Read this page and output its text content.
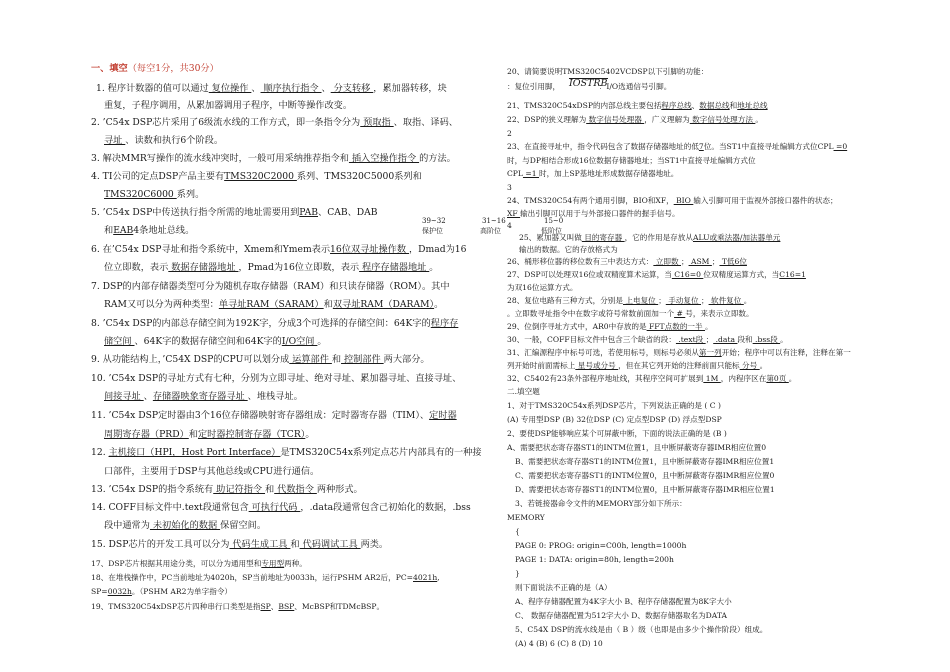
一、填空（每空1分，共30分）
1. 程序计数器的值可以通过 复位操作 、 顺序执行指令 、 分支转移 ，累加器转移，块
重复，子程序调用，从累加器调用子程序，中断等操作改变。
2. ’C54x DSP芯片采用了6级流水线的工作方式，即一条指令分为 预取指 、取指、译码、
寻址 、读数和执行6个阶段。
3. 解决MMR写操作的流水线冲突时，一般可用采纳推荐指令和 插入空操作指令 的方法。
4. TI公司的定点DSP产品主要有TMS320C2000 系列、TMS320C5000系列和
TMS320C6000 系列。
5. ’C54x DSP中传送执行指令所需的地址需要用到PAB、CAB、DAB
和EAB4条地址总线。
6. 在’C54x DSP寻址和指令系统中，Xmem和Ymem表示16位双寻址操作数 ，Dmad为16
位立即数，表示 数据存储器地址 ，Pmad为16位立即数，表示 程序存储器地址 。
7. DSP的内部存储器类型可分为随机存取存储器（RAM）和只读存储器（ROM）。其中
RAM又可以分为两种类型：单寻址RAM（SARAM）和双寻址RAM（DARAM）。
8. ’C54x DSP的内部总存储空间为192K字，分成3个可选择的存储空间：64K字的程序存
储空间 、64K字的数据存储空间和64K字的I/O空间 。
9. 从功能结构上，’C54X DSP的CPU可以划分成 运算部件 和 控制部件 两大部分。
10. ’C54x DSP的寻址方式有七种，分别为立即寻址、绝对寻址、累加器寻址、直接寻址、
间接寻址 、存储器映象寄存器寻址 、堆栈寻址。
11. ’C54x DSP定时器由3个16位存储器映射寄存器组成：定时器寄存器（TIM）、定时器
周期寄存器（PRD）和定时器控制寄存器（TCR）。
12. 主机接口（HPI，Host Port Interface）是TMS320C54x系列定点芯片内部具有的一种接
口部件，主要用于DSP与其他总线或CPU进行通信。
13. ’C54x DSP的指令系统有 助记符指令 和 代数指令 两种形式。
14. COFF目标文件中.text段通常包含 可执行代码 ，.data段通常包含己初始化的数据，.bss
段中通常为 未初始化的数据 保留空间。
15. DSP芯片的开发工具可以分为 代码生成工具 和 代码调试工具 两类。
17、DSP芯片根据其用途分类，可以分为通用型和专用型两种。
18、在堆栈操作中，PC当前地址为4020h，SP当前地址为0033h，运行PSHM AR2后，PC=4021h,
SP=0032h。（PSHM AR2为单字指令）
19、TMS320C54xDSP芯片四种串行口类型是指SP、BSP、McBSP和TDMcBSP。
39~32
保护位
31~16
高阶位
15~0
低阶位
20、请简要说明TMS320C5402VCDSP以下引脚的功能：
：复位引用脚，	：I/O选通信号引脚。
21、TMS320C54xDSP的内部总线主要包括程序总线、数据总线和地址总线
22、DSP的狭义理解为 数字信号处理器 ，广义理解为 数字信号处理方法 。
2
23、在直接寻址中，指令代码包含了数据存储器地址的低7位。当ST1中直接寻址编辑方式位CPL =0
时，与DP相结合形成16位数据存储器地址；当ST1中直接寻址编辑方式位
CPL =1 时，加上SP基地址形成数据存储器地址。
3
24、TMS320C54有两个通用引脚，BIO和XF， BIO 输入引脚可用于监视外部接口器件的状态；
XF 输出引脚可以用于与外部接口器件的握手信号。
4
25、累加器又叫做 目的寄存器 ，它的作用是存放从ALU或乘法器/加法器单元
输出的数据。它的存放格式为
26、桶形移位器的移位数有三中表达方式： 立即数 ； ASM ； T低6位
27、DSP可以处理双16位或双精度算术运算，当 C16=0 位双精度运算方式，当C16=1
为双16位运算方式。
28、复位电路有三种方式，分别是 上电复位 ； 手动复位 ； 软件复位 。
。立即数寻址指令中在数字或符号常数前面加一个 # 号，来表示立即数。
29、位倒序寻址方式中，AR0中存放的是 FFT点数的一半 。
30、一般，COFF目标文件中包含三个缺省的段： .text段 ； .data 段和 .bss段 。
31、汇编源程序中标号可选，若使用标号，则标号必须从第一列开始；程序中可以有注释，注释在第一
列开始时前面需标上 星号或分号 ，但在其它列开始的注释前面只能标 分号 。
32、C5402有23条外部程序地址线，其程序空间可扩展到 1M ，内程序区在第0页 。
二.填空题
1、对于TMS320C54x系列DSP芯片，下列说法正确的是 ( C )
(A) 专用型DSP (B) 32位DSP (C) 定点型DSP (D) 浮点型DSP
2、要使DSP能够响应某个可屏蔽中断，下面的说法正确的是 (B )
A、需要把状态寄存器ST1的INTM位置1，且中断屏蔽寄存器IMR相应位置0
B、需要把状态寄存器ST1的INTM位置1，且中断屏蔽寄存器IMR相应位置1
C、需要把状态寄存器ST1的INTM位置0，且中断屏蔽寄存器IMR相应位置0
D、需要把状态寄存器ST1的INTM位置0，且中断屏蔽寄存器IMR相应位置1
3、若链接器命令文件的MEMORY部分如下所示：
MEMORY
{
PAGE 0: PROG: origin=C00h, length=1000h
PAGE 1: DATA: origin=80h, length=200h
}
则下面说法不正确的是（A）
A、程序存储器配置为4K字大小 B、程序存储器配置为8K字大小
C、 数据存储器配置为512字大小 D、数据存储器取名为DATA
5、C54X DSP的流水线是由（ B ）级（也即是由多少个操作阶段）组成。
(A) 4 (B) 6 (C) 8 (D) 10
IOSTRB
